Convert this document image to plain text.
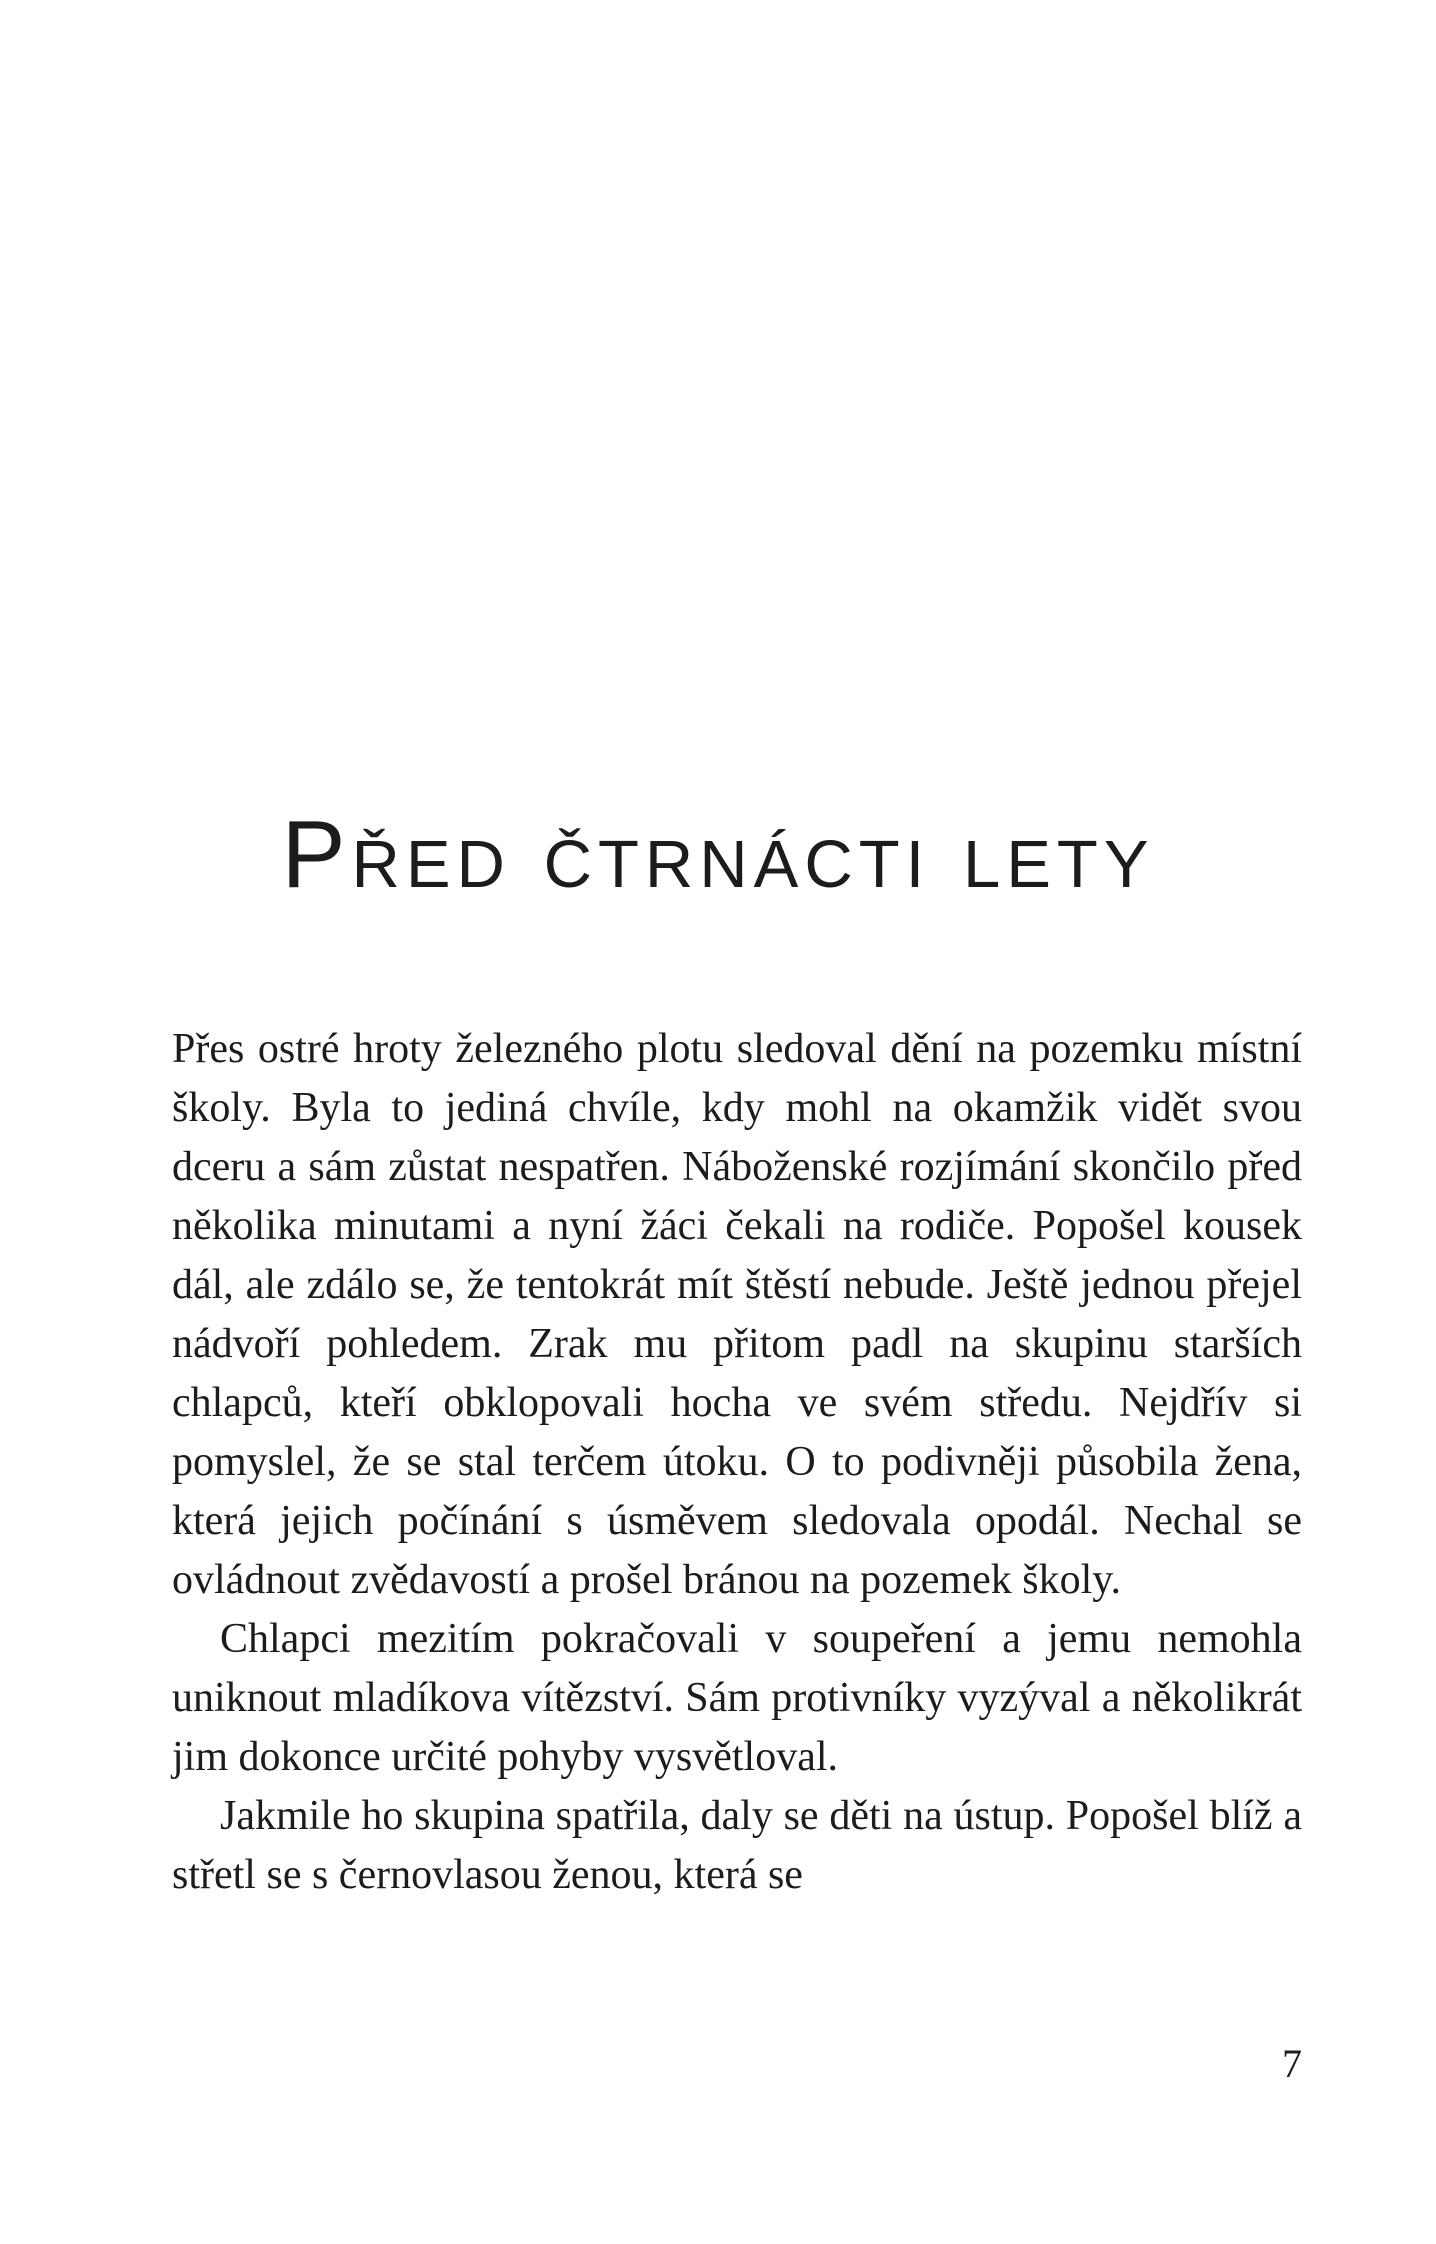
Před čtrnácti lety

Přes ostré hroty železného plotu sledoval dění na pozemku místní školy. Byla to jediná chvíle, kdy mohl na okamžik vidět svou dceru a sám zůstat nespatřen. Náboženské rozjímání skončilo před několika minutami a nyní žáci čekali na rodiče. Popošel kousek dál, ale zdálo se, že tentokrát mít štěstí nebude. Ještě jednou přejel nádvoří pohledem. Zrak mu přitom padl na skupinu starších chlapců, kteří obklopovali hocha ve svém středu. Nejdřív si pomyslel, že se stal terčem útoku. O to podivněji působila žena, která jejich počínání s úsměvem sledovala opodál. Nechal se ovládnout zvědavostí a prošel bránou na pozemek školy.

Chlapci mezitím pokračovali v soupeření a jemu nemohla uniknout mladíkova vítězství. Sám protivníky vyzýval a několikrát jim dokonce určité pohyby vysvětloval.

Jakmile ho skupina spatřila, daly se děti na ústup. Popošel blíž a střetl se s černovlasou ženou, která se

7
